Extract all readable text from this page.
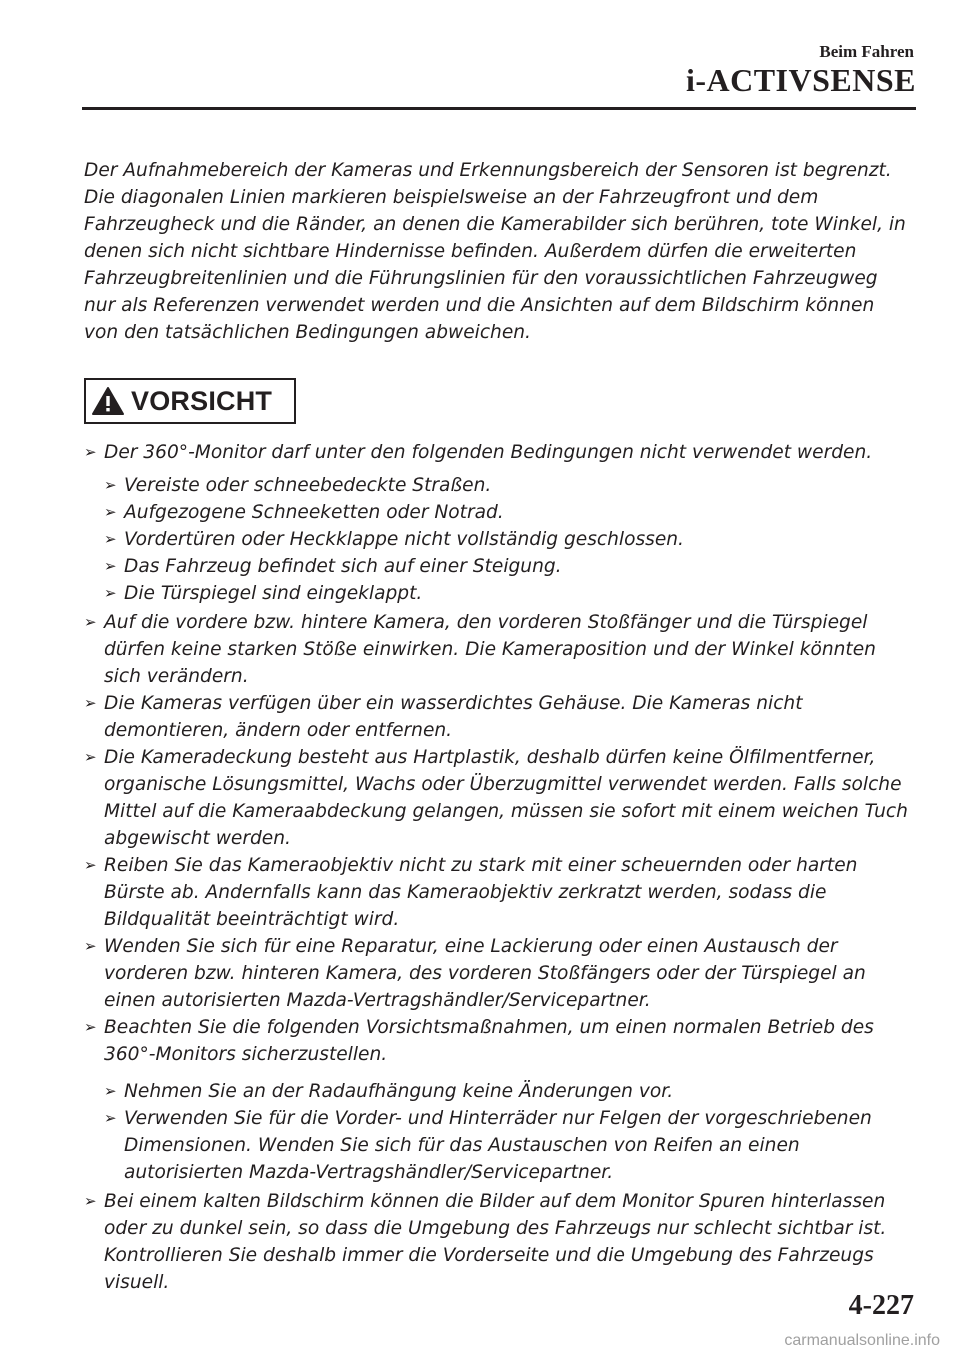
Beim Fahren

i-ACTIVSENSE

Der Aufnahmebereich der Kameras und Erkennungsbereich der Sensoren ist begrenzt. Die diagonalen Linien markieren beispielsweise an der Fahrzeugfront und dem Fahrzeugheck und die Ränder, an denen die Kamerabilder sich berühren, tote Winkel, in denen sich nicht sichtbare Hindernisse befinden. Außerdem dürfen die erweiterten Fahrzeugbreitenlinien und die Führungslinien für den voraussichtlichen Fahrzeugweg nur als Referenzen verwendet werden und die Ansichten auf dem Bildschirm können von den tatsächlichen Bedingungen abweichen.

VORSICHT
➢ Der 360°-Monitor darf unter den folgenden Bedingungen nicht verwendet werden.
➢ Vereiste oder schneebedeckte Straßen.
➢ Aufgezogene Schneeketten oder Notrad.
➢ Vordertüren oder Heckklappe nicht vollständig geschlossen.
➢ Das Fahrzeug befindet sich auf einer Steigung.
➢ Die Türspiegel sind eingeklappt.
➢ Auf die vordere bzw. hintere Kamera, den vorderen Stoßfänger und die Türspiegel dürfen keine starken Stöße einwirken. Die Kameraposition und der Winkel könnten sich verändern.
➢ Die Kameras verfügen über ein wasserdichtes Gehäuse. Die Kameras nicht demontieren, ändern oder entfernen.
➢ Die Kameradeckung besteht aus Hartplastik, deshalb dürfen keine Ölfilmentferner, organische Lösungsmittel, Wachs oder Überzugmittel verwendet werden. Falls solche Mittel auf die Kameraabdeckung gelangen, müssen sie sofort mit einem weichen Tuch abgewischt werden.
➢ Reiben Sie das Kameraobjektiv nicht zu stark mit einer scheuernden oder harten Bürste ab. Andernfalls kann das Kameraobjektiv zerkratzt werden, sodass die Bildqualität beeinträchtigt wird.
➢ Wenden Sie sich für eine Reparatur, eine Lackierung oder einen Austausch der vorderen bzw. hinteren Kamera, des vorderen Stoßfängers oder der Türspiegel an einen autorisierten Mazda-Vertragshändler/Servicepartner.
➢ Beachten Sie die folgenden Vorsichtsmaßnahmen, um einen normalen Betrieb des 360°-Monitors sicherzustellen.
➢ Nehmen Sie an der Radaufhängung keine Änderungen vor.
➢ Verwenden Sie für die Vorder- und Hinterräder nur Felgen der vorgeschriebenen Dimensionen. Wenden Sie sich für das Austauschen von Reifen an einen autorisierten Mazda-Vertragshändler/Servicepartner.
➢ Bei einem kalten Bildschirm können die Bilder auf dem Monitor Spuren hinterlassen oder zu dunkel sein, so dass die Umgebung des Fahrzeugs nur schlecht sichtbar ist. Kontrollieren Sie deshalb immer die Vorderseite und die Umgebung des Fahrzeugs visuell.

4-227

carmanualsonline.info
